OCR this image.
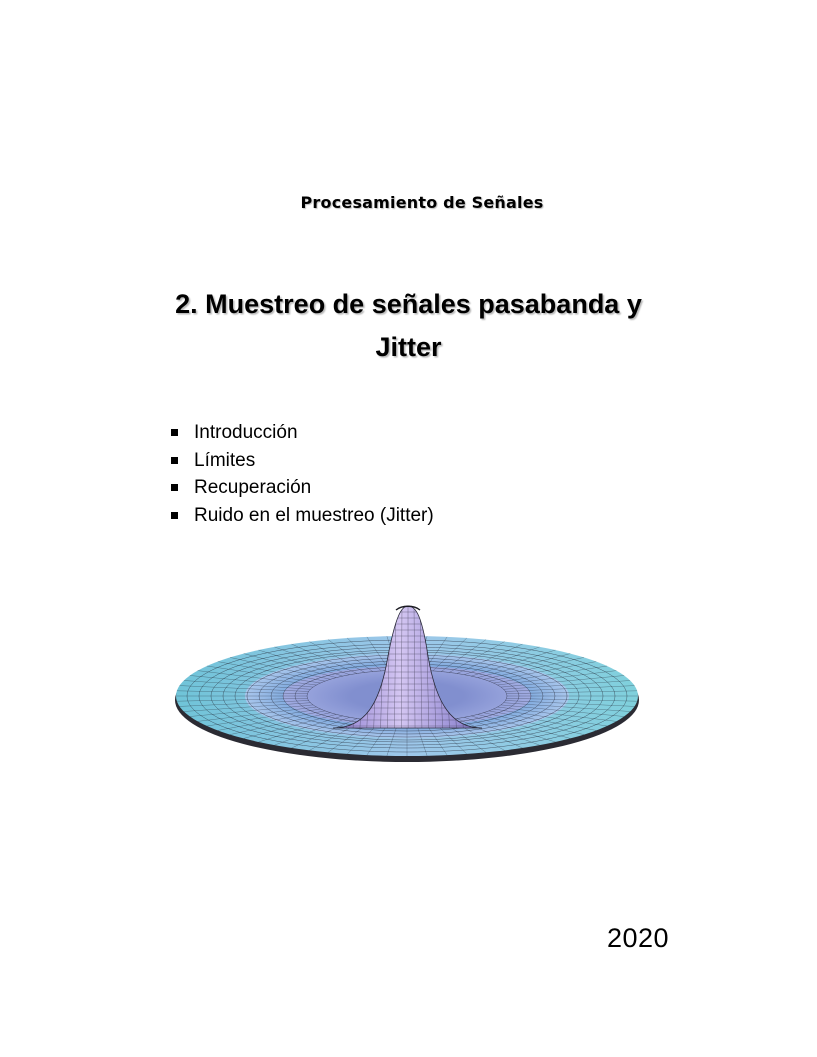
Procesamiento de Señales
2. Muestreo de señales pasabanda y
Jitter
Introducción
Límites
Recuperación
Ruido en el muestreo (Jitter)
2020
